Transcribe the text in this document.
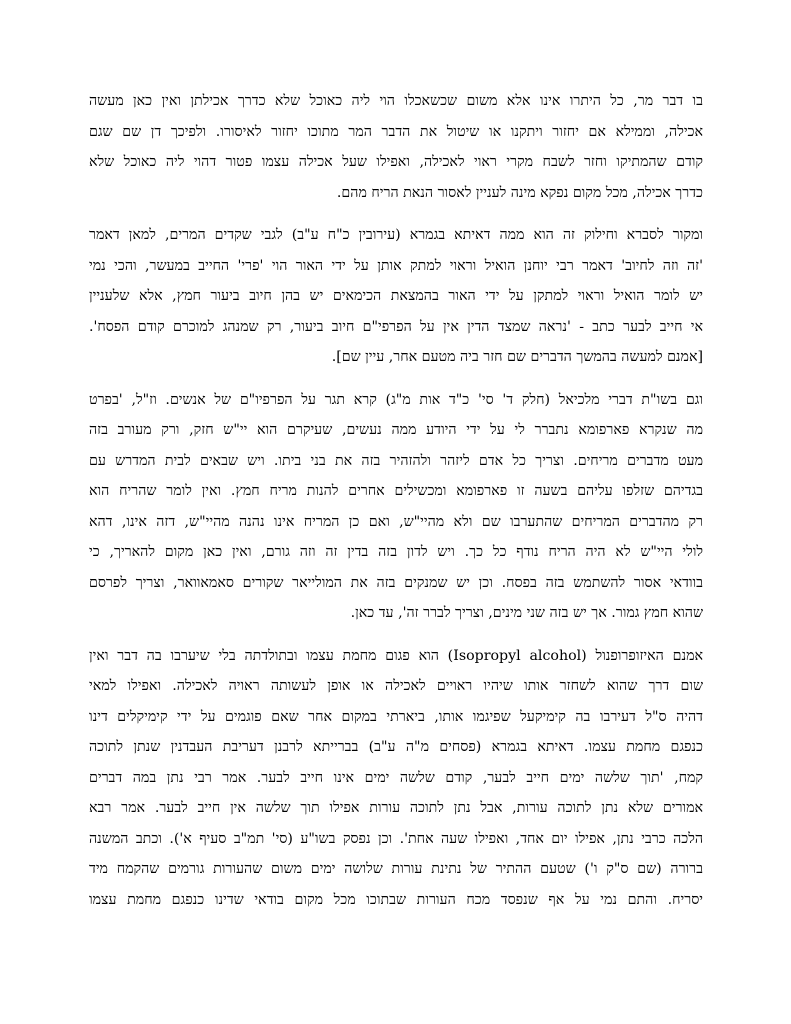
בו דבר מר, כל היתרו אינו אלא משום שכשאכלו הוי ליה כאוכל שלא כדרך אכילתן ואין כאן מעשה
אכילה, וממילא אם יחזור ויתקנו או שיטול את הדבר המר מתוכו יחזור לאיסורו. ולפיכך דן שם שגם
קודם שהמתיקו וחזר לשבח מקרי ראוי לאכילה, ואפילו שעל אכילה עצמו פטור דהוי ליה כאוכל שלא
כדרך אכילה, מכל מקום נפקא מינה לעניין לאסור הנאת הריח מהם.

ומקור לסברא וחילוק זה הוא ממה דאיתא בגמרא (עירובין כ"ח ע"ב) לגבי שקדים המרים, למאן דאמר
'זה וזה לחיוב' דאמר רבי יוחנן הואיל וראוי למתק אותן על ידי האור הוי 'פרי' החייב במעשר, והכי נמי
יש לומר הואיל וראוי למתקן על ידי האור בהמצאת הכימאים יש בהן חיוב ביעור חמץ, אלא שלעניין
אי חייב לבער כתב - 'נראה שמצד הדין אין על הפרפי"ם חיוב ביעור, רק שמנהג למוכרם קודם הפסח'.
[אמנם למעשה בהמשך הדברים שם חזר ביה מטעם אחר, עיין שם].

וגם בשו"ת דברי מלכיאל (חלק ד' סי' כ"ד אות מ"ג) קרא תגר על הפרפיו"ם של אנשים. וז"ל, 'בפרט
מה שנקרא פארפומא נתברר לי על ידי היודע ממה נעשים, שעיקרם הוא יי"ש חזק, ורק מעורב בזה
מעט מדברים מריחים. וצריך כל אדם ליזהר ולהזהיר בזה את בני ביתו. ויש שבאים לבית המדרש עם
בגדיהם שזלפו עליהם בשעה זו פארפומא ומכשילים אחרים להנות מריח חמץ. ואין לומר שהריח הוא
רק מהדברים המריחים שהתערבו שם ולא מהיי"ש, ואם כן המריח אינו נהנה מהיי"ש, דזה אינו, דהא
לולי היי"ש לא היה הריח נודף כל כך. ויש לדון בזה בדין זה וזה גורם, ואין כאן מקום להאריך, כי
בוודאי אסור להשתמש בזה בפסח. וכן יש שמנקים בזה את המולייאר שקורים סאמאוואר, וצריך לפרסם
שהוא חמץ גמור. אך יש בזה שני מינים, וצריך לברר זה', עד כאן.

אמנם האיזופרופנול (Isopropyl alcohol) הוא פגום מחמת עצמו ובתולדתה בלי שיערבו בה דבר ואין
שום דרך שהוא לשחזר אותו שיהיו ראויים לאכילה או אופן לעשותה ראויה לאכילה. ואפילו למאי
דהיה ס"ל דעירבו בה קימיקעל שפיגמו אותו, ביארתי במקום אחר שאם פוגמים על ידי קימיקלים דינו
כנפגם מחמת עצמו. דאיתא בגמרא (פסחים מ"ה ע"ב) בברייתא לרבנן דעריבת העבדנין שנתן לתוכה
קמח, 'תוך שלשה ימים חייב לבער, קודם שלשה ימים אינו חייב לבער. אמר רבי נתן במה דברים
אמורים שלא נתן לתוכה עורות, אבל נתן לתוכה עורות אפילו תוך שלשה אין חייב לבער. אמר רבא
הלכה כרבי נתן, אפילו יום אחד, ואפילו שעה אחת'. וכן נפסק בשו"ע (סי' תמ"ב סעיף א'). וכתב המשנה
ברורה (שם ס"ק ו') שטעם ההתיר של נתינת עורות שלושה ימים משום שהעורות גורמים שהקמח מיד
יסריח. והתם נמי על אף שנפסד מכח העורות שבתוכו מכל מקום בודאי שדינו כנפגם מחמת עצמו
